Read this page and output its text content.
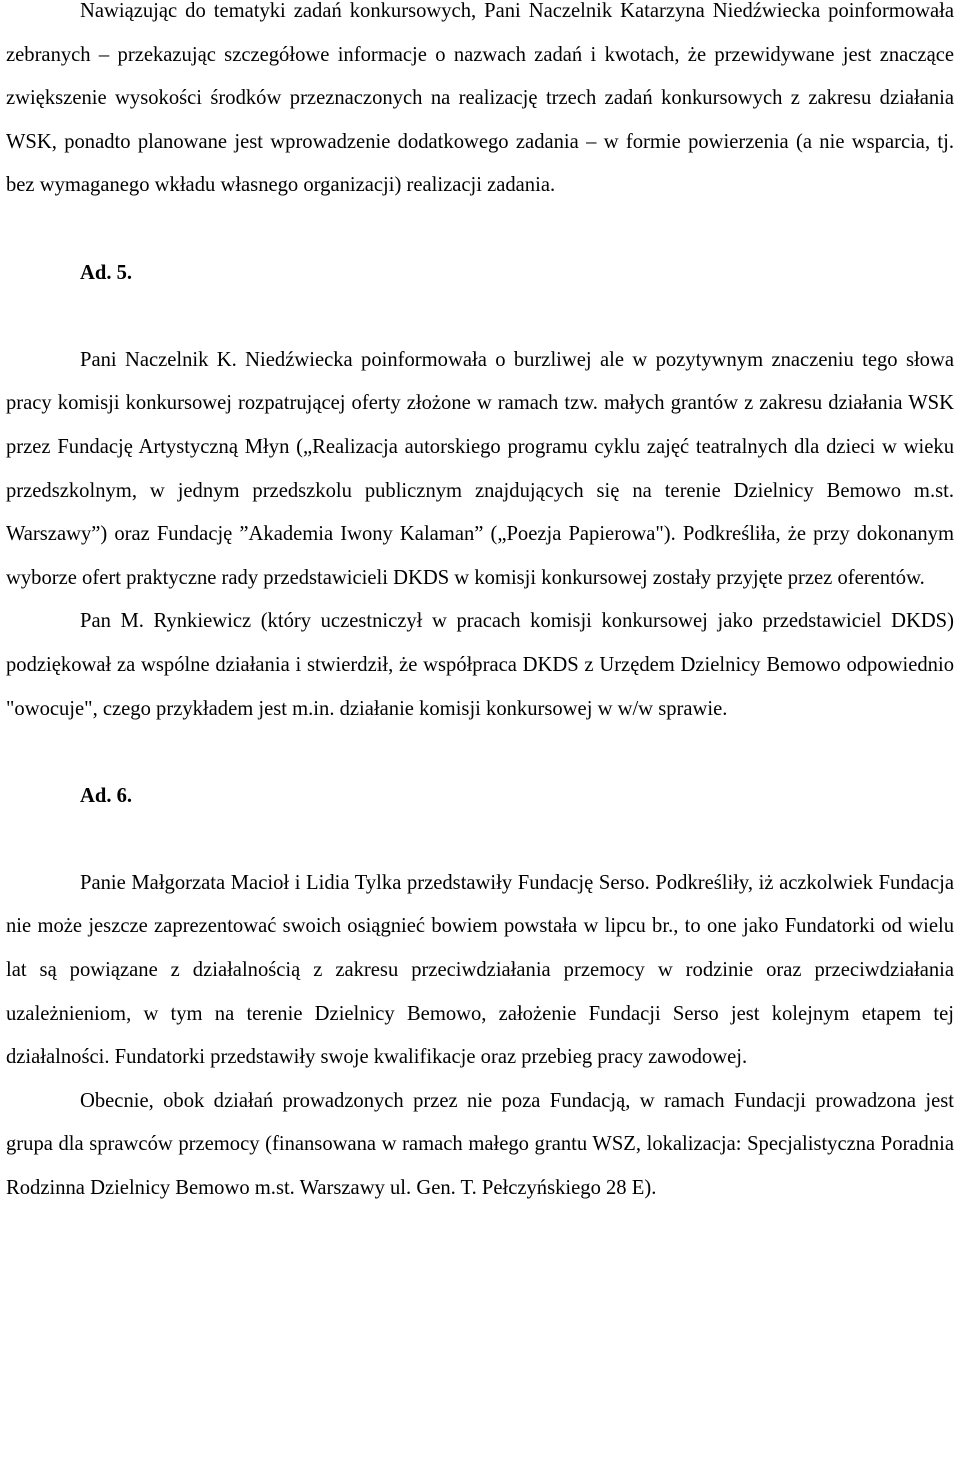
Nawiązując do tematyki zadań konkursowych, Pani Naczelnik Katarzyna Niedźwiecka poinformowała zebranych – przekazując szczegółowe informacje o nazwach zadań i kwotach, że przewidywane jest znaczące zwiększenie wysokości środków przeznaczonych na realizację trzech zadań konkursowych z zakresu działania WSK, ponadto planowane jest wprowadzenie dodatkowego zadania – w formie powierzenia (a nie wsparcia, tj. bez wymaganego wkładu własnego organizacji) realizacji zadania.

Ad. 5.

Pani Naczelnik K. Niedźwiecka poinformowała o burzliwej ale w pozytywnym znaczeniu tego słowa pracy komisji konkursowej rozpatrującej oferty złożone w ramach tzw. małych grantów z zakresu działania WSK przez Fundację Artystyczną Młyn („Realizacja autorskiego programu cyklu zajęć teatralnych dla dzieci w wieku przedszkolnym, w jednym przedszkolu publicznym znajdujących się na terenie Dzielnicy Bemowo m.st. Warszawy”) oraz Fundację ”Akademia Iwony Kalaman” („Poezja Papierowa"). Podkreśliła, że przy dokonanym wyborze ofert praktyczne rady przedstawicieli DKDS w komisji konkursowej zostały przyjęte przez oferentów.

Pan M. Rynkiewicz (który uczestniczył w pracach komisji konkursowej jako przedstawiciel DKDS) podziękował za wspólne działania i stwierdził, że współpraca DKDS z Urzędem Dzielnicy Bemowo odpowiednio "owocuje", czego przykładem jest m.in. działanie komisji konkursowej w w/w sprawie.

Ad. 6.

Panie Małgorzata Macioł i Lidia Tylka przedstawiły Fundację Serso. Podkreśliły, iż aczkolwiek Fundacja nie może jeszcze zaprezentować swoich osiągnieć bowiem powstała w lipcu br., to one jako Fundatorki od wielu lat są powiązane z działalnością z zakresu przeciwdziałania przemocy w rodzinie oraz przeciwdziałania uzależnieniom, w tym na terenie Dzielnicy Bemowo, założenie Fundacji Serso jest kolejnym etapem tej działalności. Fundatorki przedstawiły swoje kwalifikacje oraz przebieg pracy zawodowej.

Obecnie, obok działań prowadzonych przez nie poza Fundacją, w ramach Fundacji prowadzona jest grupa dla sprawców przemocy (finansowana w ramach małego grantu WSZ, lokalizacja: Specjalistyczna Poradnia Rodzinna Dzielnicy Bemowo m.st. Warszawy ul. Gen. T. Pełczyńskiego 28 E).
